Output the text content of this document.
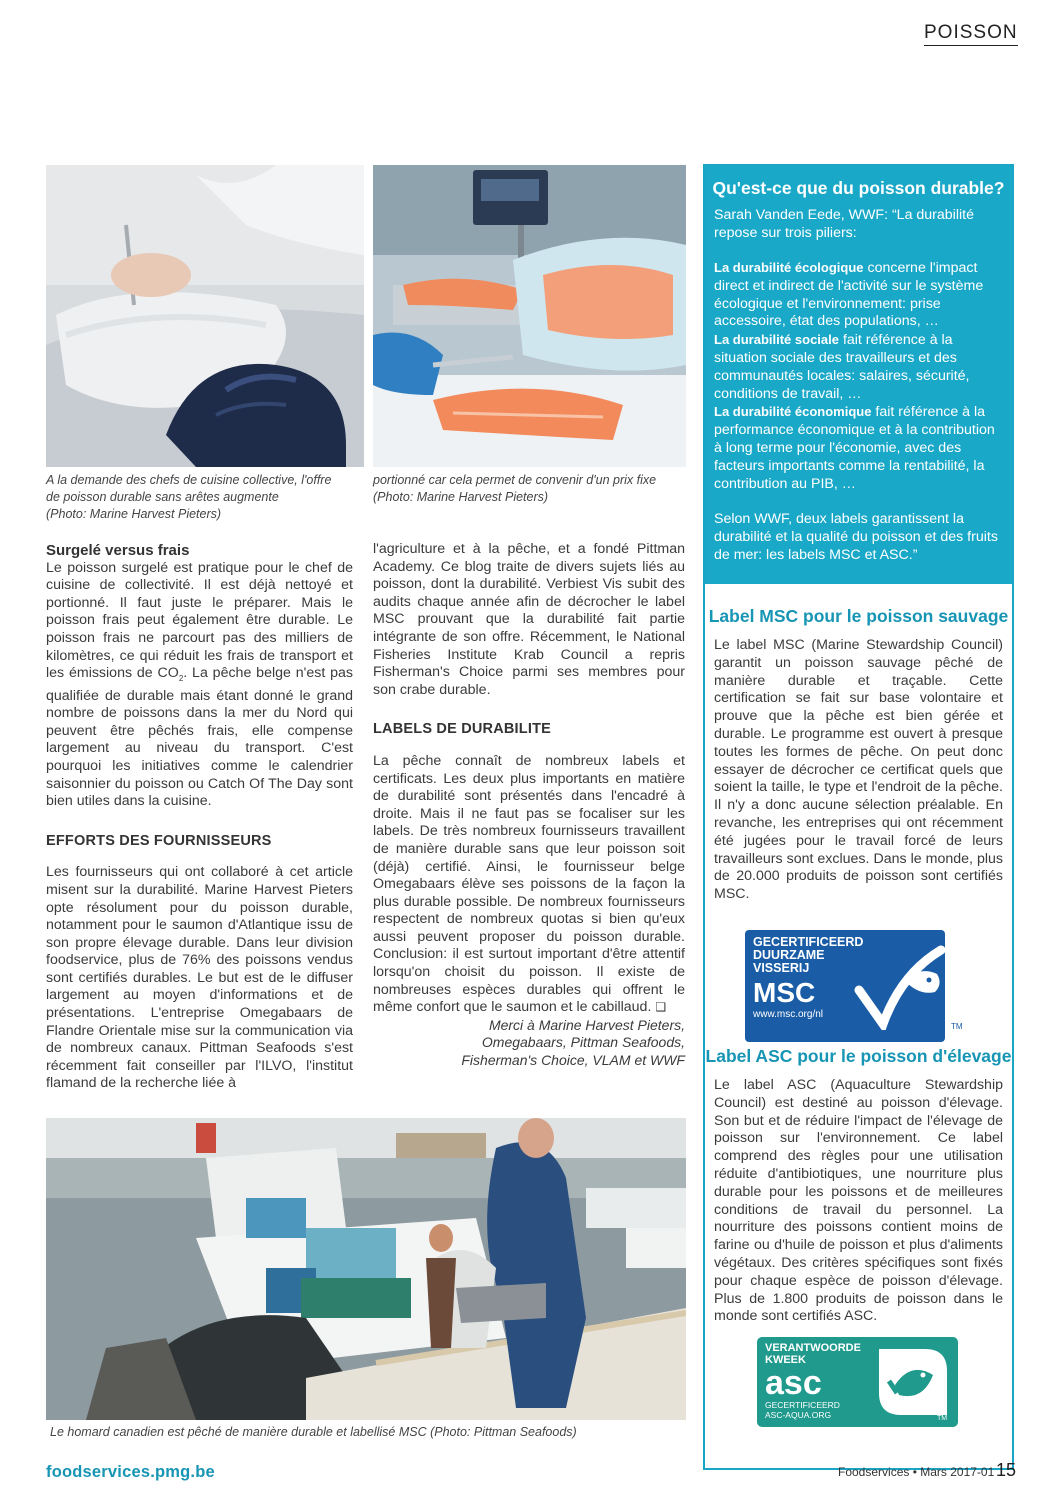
POISSON
A la demande des chefs de cuisine collective, l'offre
de poisson durable sans arêtes augmente
(Photo: Marine Harvest Pieters)
portionné car cela permet de convenir d'un prix fixe
(Photo: Marine Harvest Pieters)
Surgelé versus frais

Le poisson surgelé est pratique pour le chef de cuisine de collectivité. Il est déjà nettoyé et portionné. Il faut juste le préparer. Mais le poisson frais peut également être durable. Le poisson frais ne parcourt pas des milliers de kilomètres, ce qui réduit les frais de transport et les émissions de $CO_2$. La pêche belge n'est pas qualifiée de durable mais étant donné le grand nombre de poissons dans la mer du Nord qui peuvent être pêchés frais, elle compense largement au niveau du transport. C'est pourquoi les initiatives comme le calendrier saisonnier du poisson ou Catch Of The Day sont bien utiles dans la cuisine.

EFFORTS DES FOURNISSEURS

Les fournisseurs qui ont collaboré à cet article misent sur la durabilité. Marine Harvest Pieters opte résolument pour du poisson durable, notamment pour le saumon d'Atlantique issu de son propre élevage durable. Dans leur division foodservice, plus de 76% des poissons vendus sont certifiés durables. Le but est de le diffuser largement au moyen d'informations et de présentations. L'entreprise Omegabaars de Flandre Orientale mise sur la communication via de nombreux canaux. Pittman Seafoods s'est récemment fait conseiller par l'ILVO, l'institut flamand de la recherche liée à

l'agriculture et à la pêche, et a fondé Pittman Academy. Ce blog traite de divers sujets liés au poisson, dont la durabilité. Verbiest Vis subit des audits chaque année afin de décrocher le label MSC prouvant que la durabilité fait partie intégrante de son offre. Récemment, le National Fisheries Institute Krab Council a repris Fisherman's Choice parmi ses membres pour son crabe durable.

LABELS DE DURABILITE

La pêche connaît de nombreux labels et certificats. Les deux plus importants en matière de durabilité sont présentés dans l'encadré à droite. Mais il ne faut pas se focaliser sur les labels. De très nombreux fournisseurs travaillent de manière durable sans que leur poisson soit (déjà) certifié. Ainsi, le fournisseur belge Omegabaars élève ses poissons de la façon la plus durable possible. De nombreux fournisseurs respectent de nombreux quotas si bien qu'eux aussi peuvent proposer du poisson durable. Conclusion: il est surtout important d'être attentif lorsqu'on choisit du poisson. Il existe de nombreuses espèces durables qui offrent le même confort que le saumon et le cabillaud. ❑

Merci à Marine Harvest Pieters,
Omegabaars, Pittman Seafoods,
Fisherman's Choice, VLAM et WWF
Le homard canadien est pêché de manière durable et labellisé MSC (Photo: Pittman Seafoods)
Qu'est-ce que du poisson durable?
Sarah Vanden Eede, WWF: “La durabilité repose sur trois piliers:
La durabilité écologique concerne l'impact direct et indirect de l'activité sur le système écologique et l'environnement: prise accessoire, état des populations, …
La durabilité sociale fait référence à la situation sociale des travailleurs et des communautés locales: salaires, sécurité, conditions de travail, …
La durabilité économique fait référence à la performance économique et à la contribution à long terme pour l'économie, avec des facteurs importants comme la rentabilité, la contribution au PIB, …
Selon WWF, deux labels garantissent la durabilité et la qualité du poisson et des fruits de mer: les labels MSC et ASC.”
Label MSC pour le poisson sauvage
Le label MSC (Marine Stewardship Council) garantit un poisson sauvage pêché de manière durable et traçable. Cette certification se fait sur base volontaire et prouve que la pêche est bien gérée et durable. Le programme est ouvert à presque toutes les formes de pêche. On peut donc essayer de décrocher ce certificat quels que soient la taille, le type et l'endroit de la pêche. Il n'y a donc aucune sélection préalable. En revanche, les entreprises qui ont récemment été jugées pour le travail forcé de leurs travailleurs sont exclues. Dans le monde, plus de 20.000 produits de poisson sont certifiés MSC.
GECERTIFICEERD
DUURZAME
VISSERIJ
MSC
www.msc.org/nl
TM
Label ASC pour le poisson d'élevage
Le label ASC (Aquaculture Stewardship Council) est destiné au poisson d'élevage. Son but et de réduire l'impact de l'élevage de poisson sur l'environnement. Ce label comprend des règles pour une utilisation réduite d'antibiotiques, une nourriture plus durable pour les poissons et de meilleures conditions de travail du personnel. La nourriture des poissons contient moins de farine ou d'huile de poisson et plus d'aliments végétaux. Des critères spécifiques sont fixés pour chaque espèce de poisson d'élevage. Plus de 1.800 produits de poisson dans le monde sont certifiés ASC.
VERANTWOORDE
KWEEK
asc
GECERTIFICEERD
ASC-AQUA.ORG	TM
foodservices.pmg.be	Foodservices • Mars 2017-01 15
